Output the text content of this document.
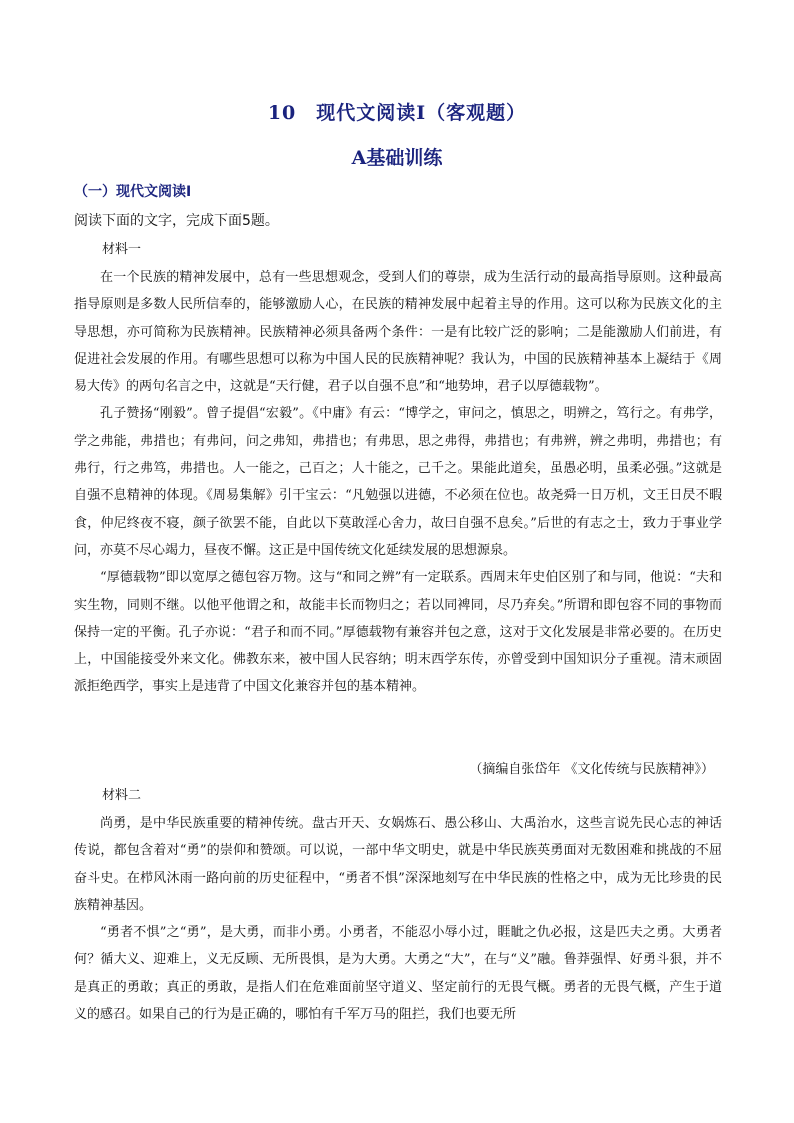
10　现代文阅读Ⅰ（客观题）
A基础训练
（一）现代文阅读Ⅰ
阅读下面的文字，完成下面5题。
材料一

在一个民族的精神发展中，总有一些思想观念，受到人们的尊崇，成为生活行动的最高指导原则。这种最高指导原则是多数人民所信奉的，能够激励人心，在民族的精神发展中起着主导的作用。这可以称为民族文化的主导思想，亦可简称为民族精神。民族精神必须具备两个条件：一是有比较广泛的影响；二是能激励人们前进，有促进社会发展的作用。有哪些思想可以称为中国人民的民族精神呢？我认为，中国的民族精神基本上凝结于《周易大传》的两句名言之中，这就是“天行健，君子以自强不息”和“地势坤，君子以厚德载物”。

孔子赞扬“刚毅”。曾子提倡“宏毅”。《中庸》有云：“博学之，审问之，慎思之，明辨之，笃行之。有弗学，学之弗能，弗措也；有弗问，问之弗知，弗措也；有弗思，思之弗得，弗措也；有弗辨，辨之弗明，弗措也；有弗行，行之弗笃，弗措也。人一能之，己百之；人十能之，己千之。果能此道矣，虽愚必明，虽柔必强。”这就是自强不息精神的体现。《周易集解》引干宝云：“凡勉强以进德，不必须在位也。故尧舜一日万机，文王日昃不暇食，仲尼终夜不寝，颜子欲罢不能，自此以下莫敢淫心舍力，故曰自强不息矣。”后世的有志之士，致力于事业学问，亦莫不尽心竭力，昼夜不懈。这正是中国传统文化延续发展的思想源泉。

“厚德载物”即以宽厚之德包容万物。这与“和同之辨”有一定联系。西周末年史伯区别了和与同，他说：“夫和实生物，同则不继。以他平他谓之和，故能丰长而物归之；若以同裨同，尽乃弃矣。”所谓和即包容不同的事物而保持一定的平衡。孔子亦说：“君子和而不同。”厚德载物有兼容并包之意，这对于文化发展是非常必要的。在历史上，中国能接受外来文化。佛教东来，被中国人民容纳；明末西学东传，亦曾受到中国知识分子重视。清末顽固派拒绝西学，事实上是违背了中国文化兼容并包的基本精神。

（摘编自张岱年 《文化传统与民族精神》）
材料二

尚勇，是中华民族重要的精神传统。盘古开天、女娲炼石、愚公移山、大禹治水，这些言说先民心志的神话传说，都包含着对“勇”的崇仰和赞颂。可以说，一部中华文明史，就是中华民族英勇面对无数困难和挑战的不屈奋斗史。在栉风沐雨一路向前的历史征程中，“勇者不惧”深深地刻写在中华民族的性格之中，成为无比珍贵的民族精神基因。

“勇者不惧”之“勇”，是大勇，而非小勇。小勇者，不能忍小辱小过，睚眦之仇必报，这是匹夫之勇。大勇者何？循大义、迎难上，义无反顾、无所畏惧，是为大勇。大勇之“大”，在与“义”融。鲁莽强悍、好勇斗狠，并不是真正的勇敢；真正的勇敢，是指人们在危难面前坚守道义、坚定前行的无畏气概。勇者的无畏气概，产生于道义的感召。如果自己的行为是正确的，哪怕有千军万马的阻拦，我们也要无所
